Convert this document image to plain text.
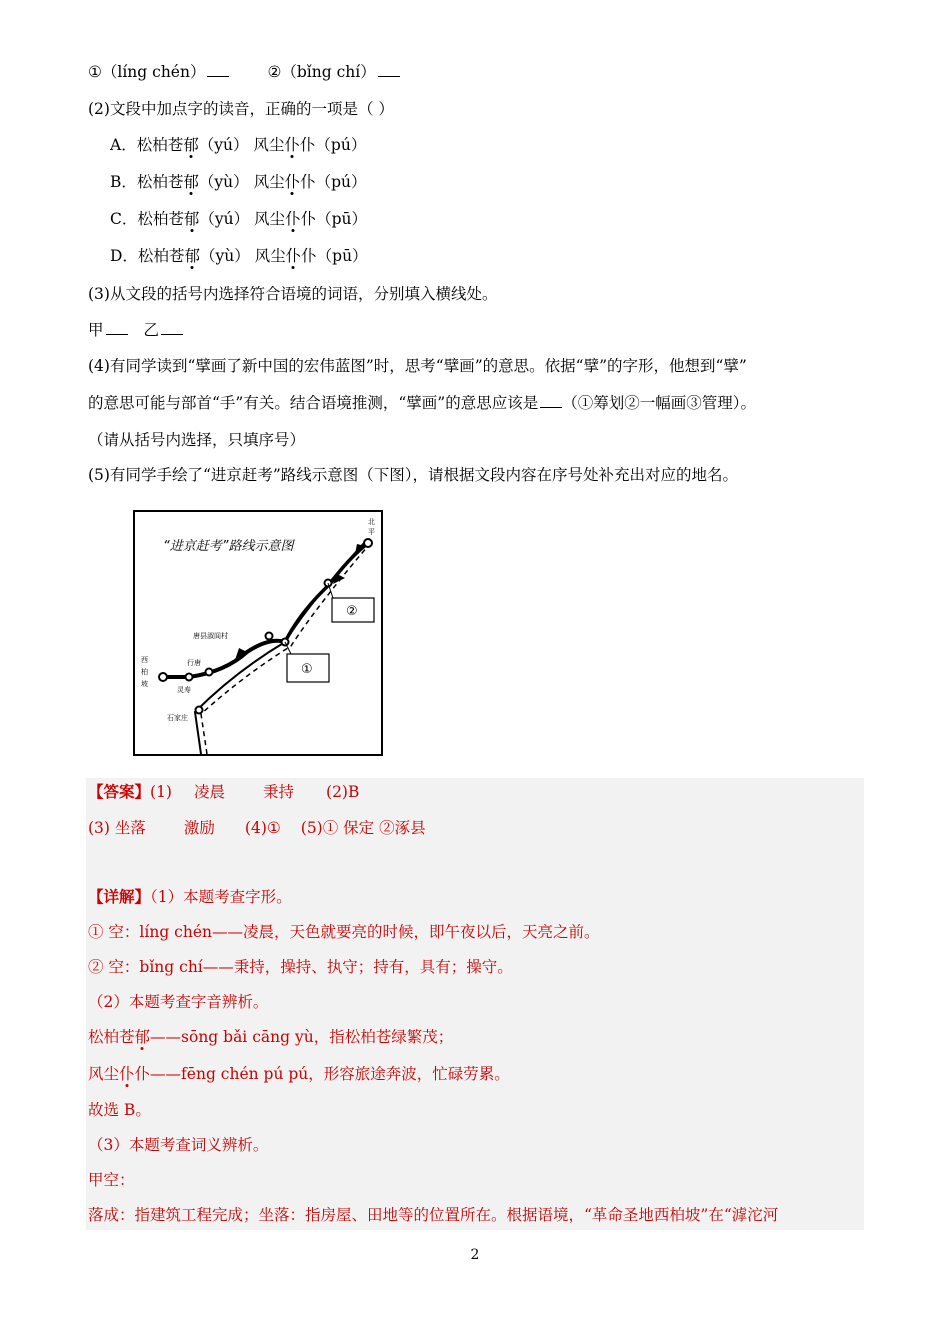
①（líng chén）	②（bǐng chí）
(2)文段中加点字的读音，正确的一项是（ ）
A．松柏苍郁（yú） 风尘仆仆（pú）
B．松柏苍郁（yù） 风尘仆仆（pú）
C．松柏苍郁（yú） 风尘仆仆（pū）
D．松柏苍郁（yù） 风尘仆仆（pū）
(3)从文段的括号内选择符合语境的词语，分别填入横线处。
甲	乙
(4)有同学读到“擘画了新中国的宏伟蓝图”时，思考“擘画”的意思。依据“擘”的字形，他想到“擘”
的意思可能与部首“手”有关。结合语境推测，“擘画”的意思应该是 （①筹划②一幅画③管理）。
（请从括号内选择，只填序号）
(5)有同学手绘了“进京赶考”路线示意图（下图），请根据文段内容在序号处补充出对应的地名。
“进京赶考”路线示意图
北
平
西
柏
坡
行唐
灵寿
唐县淑闾村
石家庄
①
②
【答案】(1) 凌晨 秉持 (2)B
(3) 坐落 激励 (4)① (5)① 保定 ②涿县
【详解】（1）本题考查字形。
① 空：líng chén——凌晨，天色就要亮的时候，即午夜以后，天亮之前。
② 空：bǐng chí——秉持，操持、执守；持有，具有；操守。
（2）本题考查字音辨析。
松柏苍郁——sōng bǎi cāng yù，指松柏苍绿繁茂；
风尘仆仆——fēng chén pú pú，形容旅途奔波，忙碌劳累。
故选 B。
（3）本题考查词义辨析。
甲空：
落成：指建筑工程完成；坐落：指房屋、田地等的位置所在。根据语境，“革命圣地西柏坡”在“滹沱河
2
